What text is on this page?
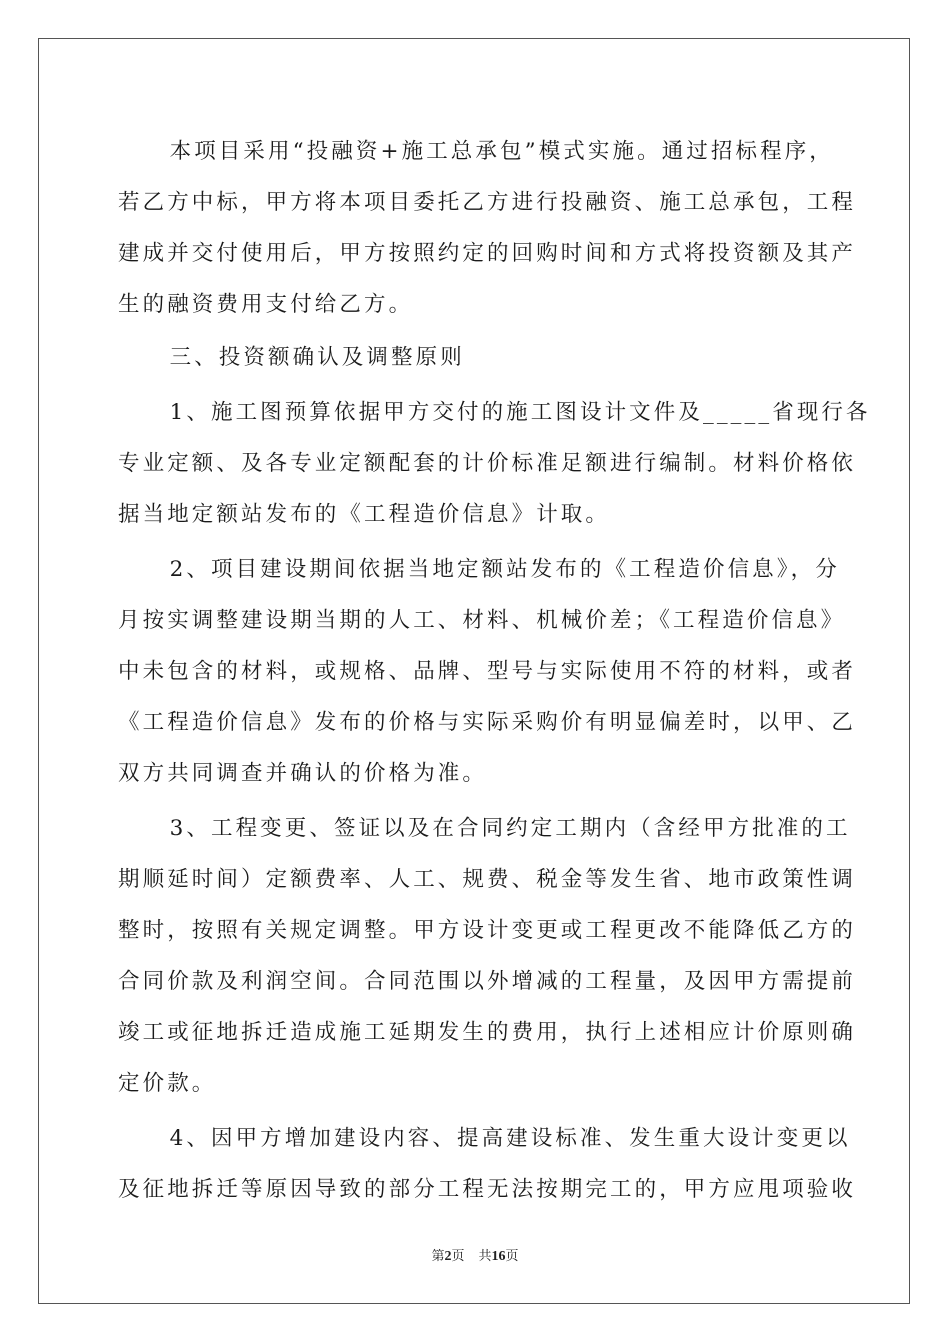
本项目采用“投融资+施工总承包”模式实施。通过招标程序，
若乙方中标，甲方将本项目委托乙方进行投融资、施工总承包，工程
建成并交付使用后，甲方按照约定的回购时间和方式将投资额及其产
生的融资费用支付给乙方。

三、投资额确认及调整原则

1、施工图预算依据甲方交付的施工图设计文件及_____省现行各
专业定额、及各专业定额配套的计价标准足额进行编制。材料价格依
据当地定额站发布的《工程造价信息》计取。

2、项目建设期间依据当地定额站发布的《工程造价信息》，分
月按实调整建设期当期的人工、材料、机械价差；《工程造价信息》
中未包含的材料，或规格、品牌、型号与实际使用不符的材料，或者
《工程造价信息》发布的价格与实际采购价有明显偏差时，以甲、乙
双方共同调查并确认的价格为准。

3、工程变更、签证以及在合同约定工期内（含经甲方批准的工
期顺延时间）定额费率、人工、规费、税金等发生省、地市政策性调
整时，按照有关规定调整。甲方设计变更或工程更改不能降低乙方的
合同价款及利润空间。合同范围以外增减的工程量，及因甲方需提前
竣工或征地拆迁造成施工延期发生的费用，执行上述相应计价原则确
定价款。

4、因甲方增加建设内容、提高建设标准、发生重大设计变更以
及征地拆迁等原因导致的部分工程无法按期完工的，甲方应甩项验收

第2页 共16页
